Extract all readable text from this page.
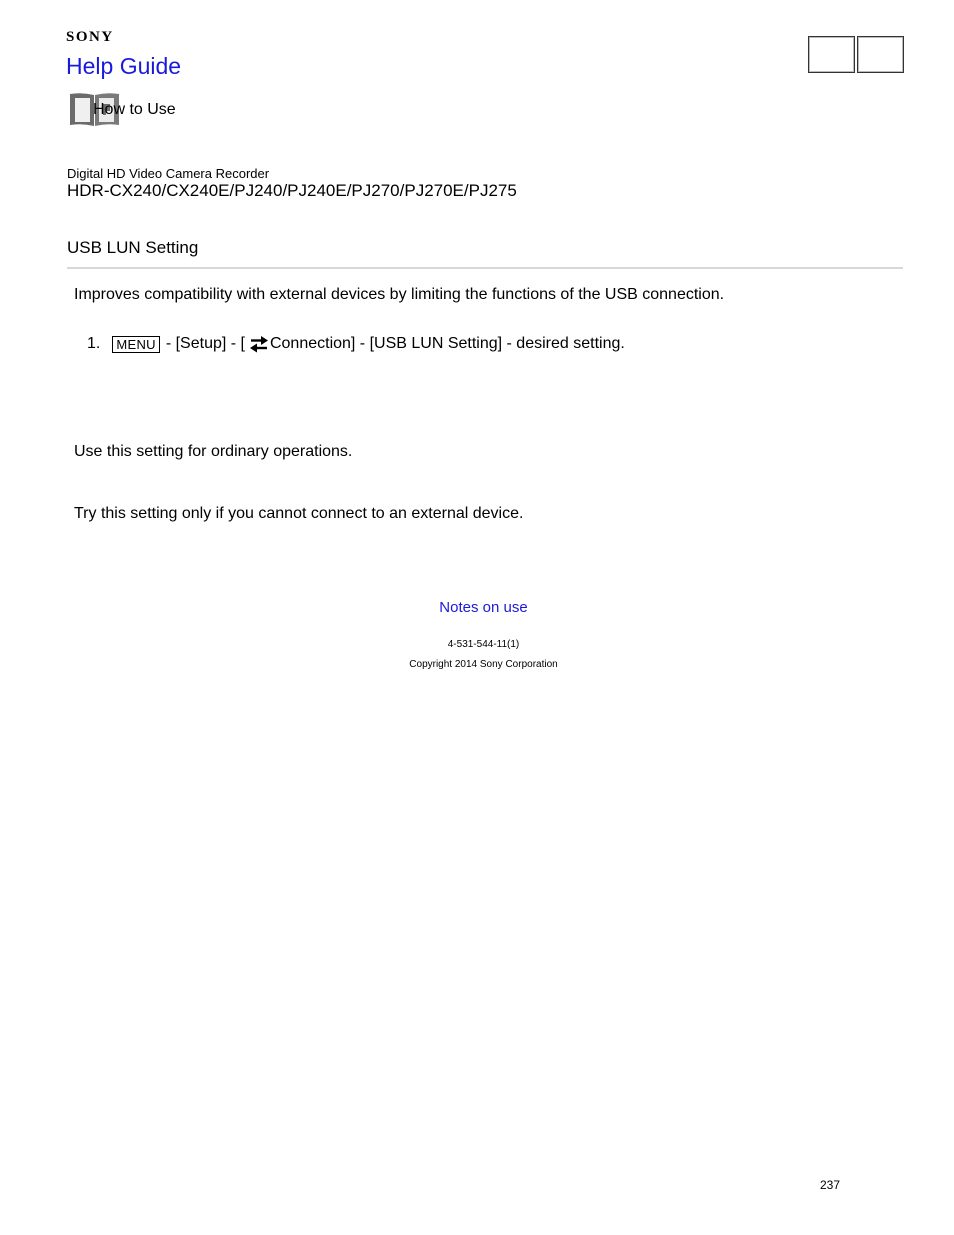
SONY
Help Guide
How to Use
Digital HD Video Camera Recorder
HDR-CX240/CX240E/PJ240/PJ240E/PJ270/PJ270E/PJ275
USB LUN Setting
Improves compatibility with external devices by limiting the functions of the USB connection.
1.	MENU - [Setup] - [ Connection] - [USB LUN Setting] - desired setting.
Use this setting for ordinary operations.
Try this setting only if you cannot connect to an external device.
Notes on use
4-531-544-11(1)
Copyright 2014 Sony Corporation
237
